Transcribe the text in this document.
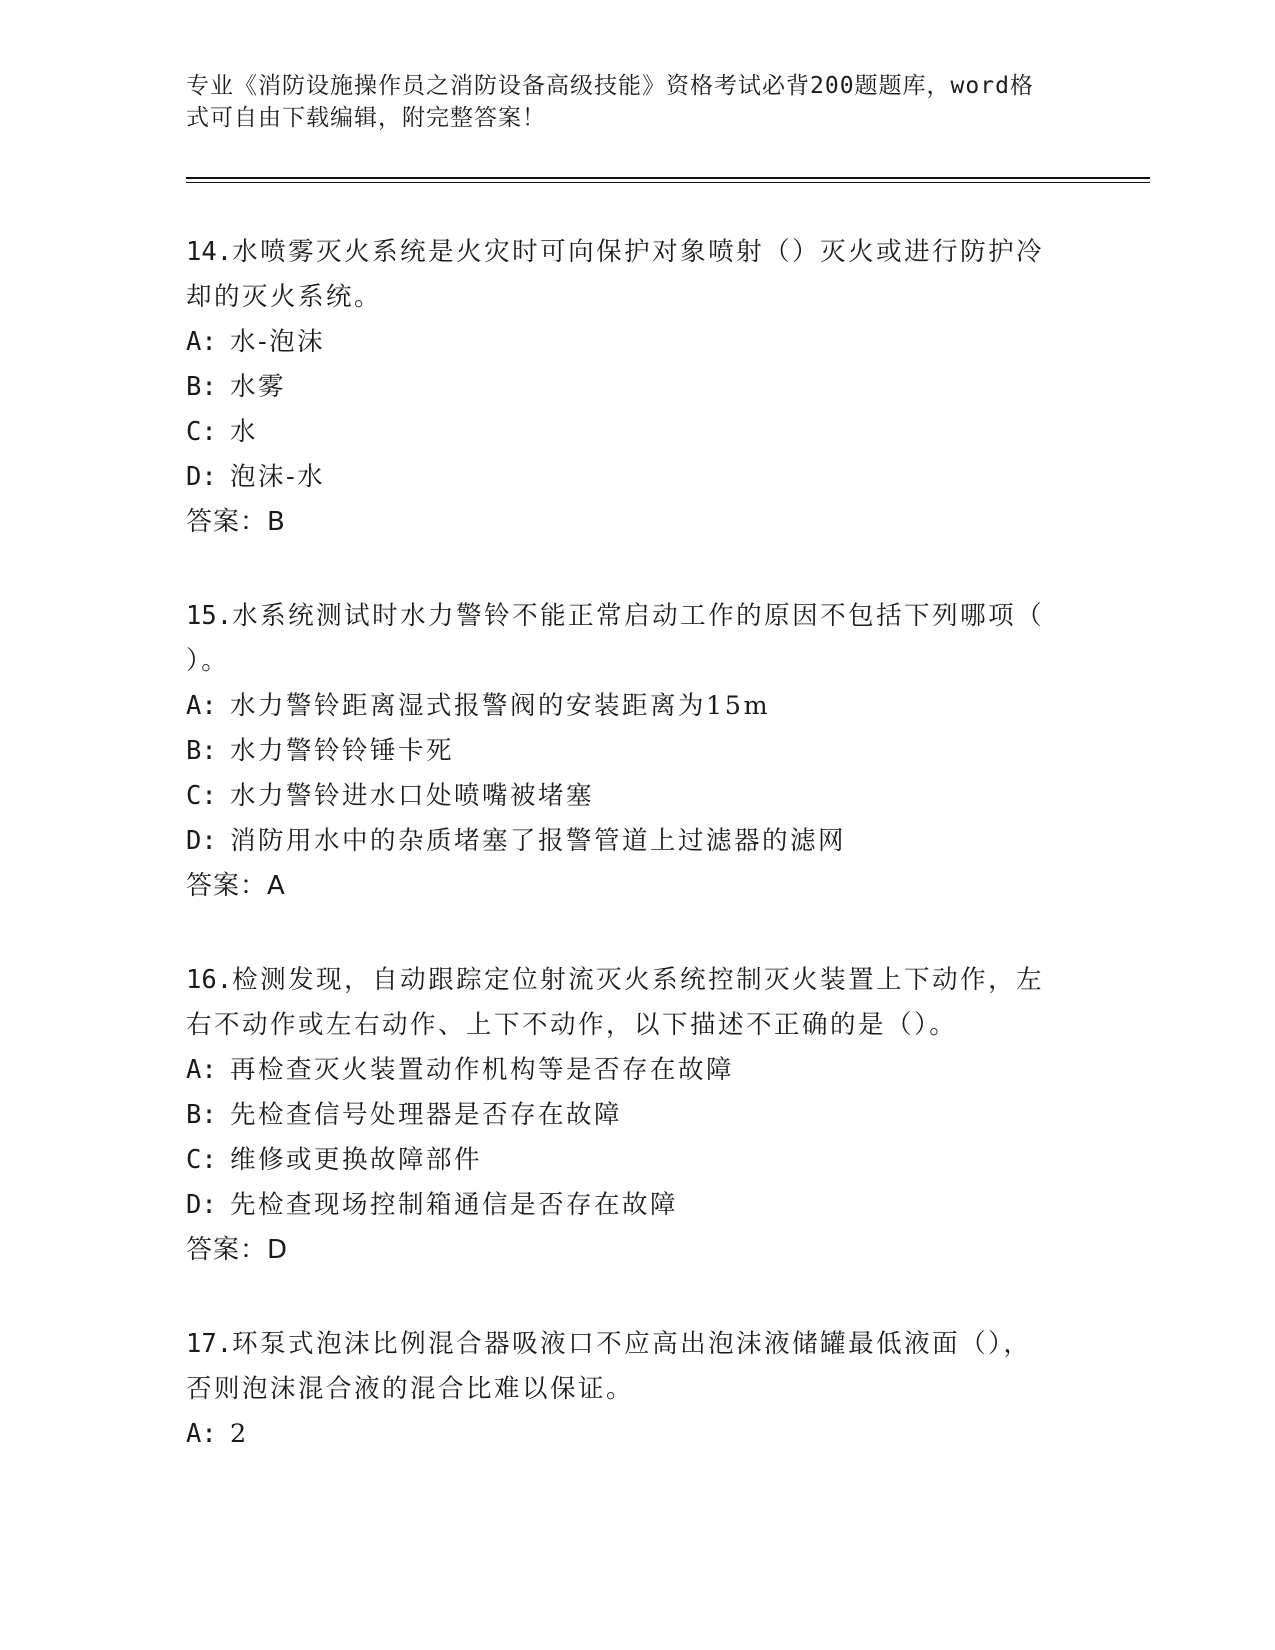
专业《消防设施操作员之消防设备高级技能》资格考试必背200题题库，word格

式可自由下载编辑，附完整答案！

14.水喷雾灭火系统是火灾时可向保护对象喷射（）灭火或进行防护冷

却的灭火系统。

A: 水-泡沫

B: 水雾

C: 水

D: 泡沫-水

答案：B

15.水系统测试时水力警铃不能正常启动工作的原因不包括下列哪项（

）。

A: 水力警铃距离湿式报警阀的安装距离为15m

B: 水力警铃铃锤卡死

C: 水力警铃进水口处喷嘴被堵塞

D: 消防用水中的杂质堵塞了报警管道上过滤器的滤网

答案：A

16.检测发现，自动跟踪定位射流灭火系统控制灭火装置上下动作，左

右不动作或左右动作、上下不动作，以下描述不正确的是（）。

A: 再检查灭火装置动作机构等是否存在故障

B: 先检查信号处理器是否存在故障

C: 维修或更换故障部件

D: 先检查现场控制箱通信是否存在故障

答案：D

17.环泵式泡沫比例混合器吸液口不应高出泡沫液储罐最低液面（），

否则泡沫混合液的混合比难以保证。

A: 2
